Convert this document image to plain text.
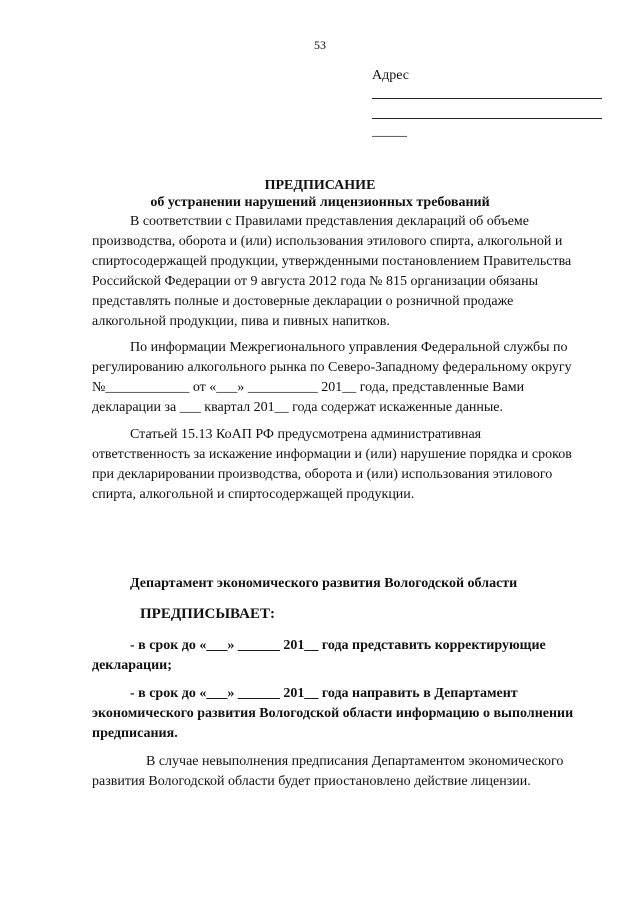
53
Адрес
_____
ПРЕДПИСАНИЕ
об устранении нарушений лицензионных требований

В соответствии с Правилами представления деклараций об объеме

производства, оборота и (или) использования этилового спирта, алкогольной и

спиртосодержащей продукции, утвержденными постановлением Правительства

Российской Федерации от 9 августа 2012 года № 815 организации обязаны

представлять полные и достоверные декларации о розничной продаже

алкогольной продукции, пива и пивных напитков.

По информации Межрегионального управления Федеральной службы по

регулированию алкогольного рынка по Северо-Западному федеральному округу

№____________ от «___» __________ 201__ года, представленные Вами

декларации за ___ квартал 201__ года содержат искаженные данные.

Статьей 15.13 КоАП РФ предусмотрена административная

ответственность за искажение информации и (или) нарушение порядка и сроков

при декларировании производства, оборота и (или) использования этилового

спирта, алкогольной и спиртосодержащей продукции.

Департамент экономического развития Вологодской области
ПРЕДПИСЫВАЕТ:

- в срок до «___» ______ 201__ года представить корректирующие

декларации;

- в срок до «___» ______ 201__ года направить в Департамент

экономического развития Вологодской области информацию о выполнении

предписания.

В случае невыполнения предписания Департаментом экономического

развития Вологодской области будет приостановлено действие лицензии.
